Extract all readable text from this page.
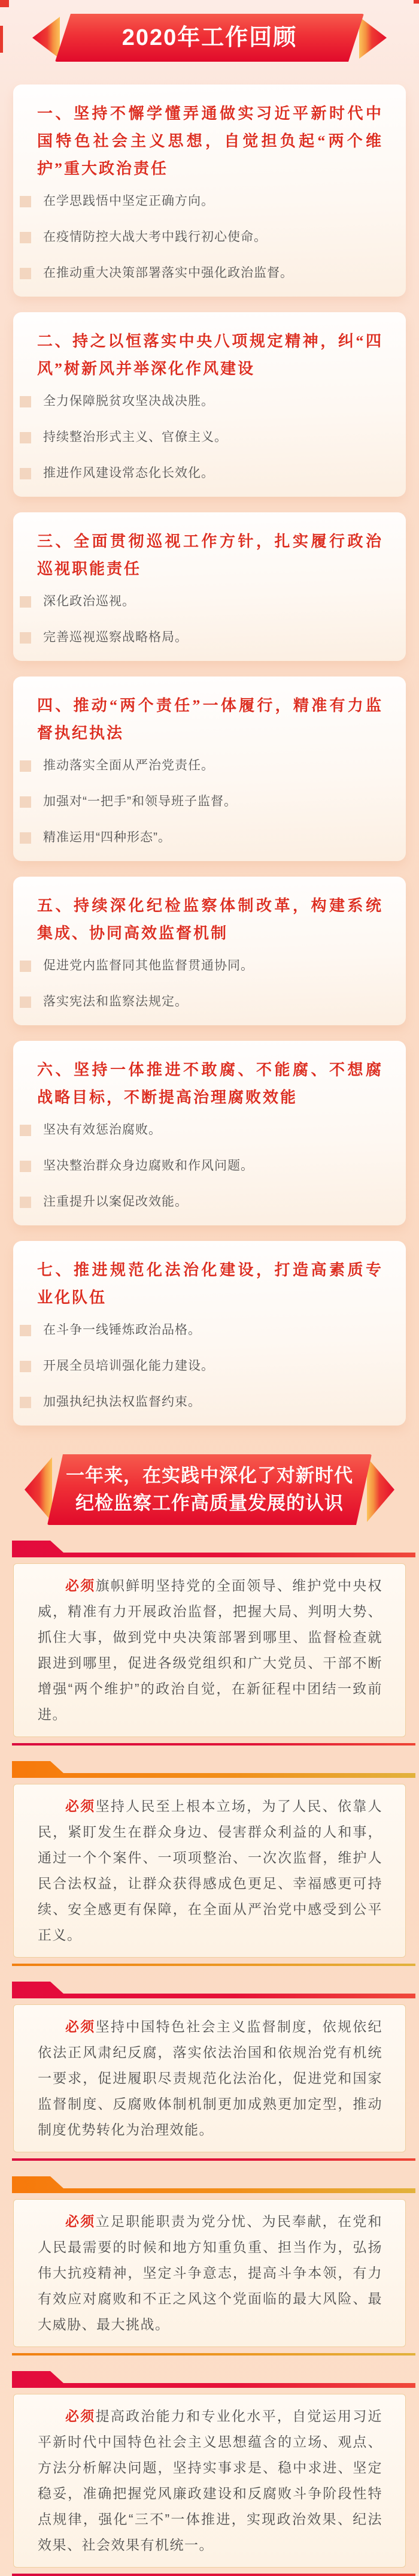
2020年工作回顾
一、坚持不懈学懂弄通做实习近平新时代中国特色社会主义思想，自觉担负起“两个维护”重大政治责任
在学思践悟中坚定正确方向。
在疫情防控大战大考中践行初心使命。
在推动重大决策部署落实中强化政治监督。
二、持之以恒落实中央八项规定精神，纠“四风”树新风并举深化作风建设
全力保障脱贫攻坚决战决胜。
持续整治形式主义、官僚主义。
推进作风建设常态化长效化。
三、全面贯彻巡视工作方针，扎实履行政治巡视职能责任
深化政治巡视。
完善巡视巡察战略格局。
四、推动“两个责任”一体履行，精准有力监督执纪执法
推动落实全面从严治党责任。
加强对“一把手”和领导班子监督。
精准运用“四种形态”。
五、持续深化纪检监察体制改革，构建系统集成、协同高效监督机制
促进党内监督同其他监督贯通协同。
落实宪法和监察法规定。
六、坚持一体推进不敢腐、不能腐、不想腐战略目标，不断提高治理腐败效能
坚决有效惩治腐败。
坚决整治群众身边腐败和作风问题。
注重提升以案促改效能。
七、推进规范化法治化建设，打造高素质专业化队伍
在斗争一线锤炼政治品格。
开展全员培训强化能力建设。
加强执纪执法权监督约束。
一年来，在实践中深化了对新时代
纪检监察工作高质量发展的认识

必须旗帜鲜明坚持党的全面领导、维护党中央权威，精准有力开展政治监督，把握大局、判明大势、抓住大事，做到党中央决策部署到哪里、监督检查就跟进到哪里，促进各级党组织和广大党员、干部不断增强“两个维护”的政治自觉，在新征程中团结一致前进。

必须坚持人民至上根本立场，为了人民、依靠人民，紧盯发生在群众身边、侵害群众利益的人和事，通过一个个案件、一项项整治、一次次监督，维护人民合法权益，让群众获得感成色更足、幸福感更可持续、安全感更有保障，在全面从严治党中感受到公平正义。

必须坚持中国特色社会主义监督制度，依规依纪依法正风肃纪反腐，落实依法治国和依规治党有机统一要求，促进履职尽责规范化法治化，促进党和国家监督制度、反腐败体制机制更加成熟更加定型，推动制度优势转化为治理效能。

必须立足职能职责为党分忧、为民奉献，在党和人民最需要的时候和地方知重负重、担当作为，弘扬伟大抗疫精神，坚定斗争意志，提高斗争本领，有力有效应对腐败和不正之风这个党面临的最大风险、最大威胁、最大挑战。

必须提高政治能力和专业化水平，自觉运用习近平新时代中国特色社会主义思想蕴含的立场、观点、方法分析解决问题，坚持实事求是、稳中求进、坚定稳妥，准确把握党风廉政建设和反腐败斗争阶段性特点规律，强化“三不”一体推进，实现政治效果、纪法效果、社会效果有机统一。
